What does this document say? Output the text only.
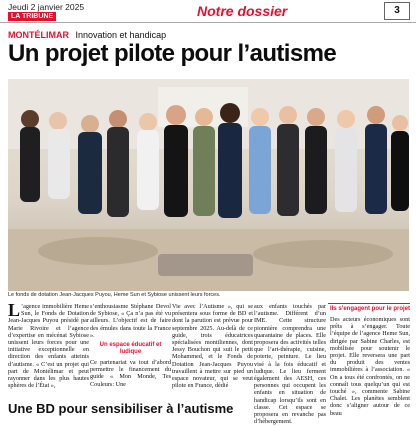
Jeudi 2 janvier 2025
LA TRIBUNE	Notre dossier	3
MONTÉLIMAR Innovation et handicap
Un projet pilote pour l’autisme
Le fonds de dotation Jean-Jacques Puyou, Heme Sun et Sybiose unissent leurs forces.
L ’agence immobilière Heme Sun, le Fonds de Dotation Jean-Jacques Puyou présidé par Marie Rivoire et l’agence d’expertise en mécénat Sybiose unissent leurs forces pour une initiative exceptionnelle en direction des enfants atteints d’autisme. « C’est un projet qui part de Montélimar et peut rayonner dans les plus hautes sphères de l’État »,

s’enthousiasme Stéphane Devol de Sybiose, « Ça n’a pas été vu ailleurs. L’objectif est de faire des émules dans toute la France ».

Un espace éducatif et ludique

Ce partenariat va tout d’abord permettre le financement du guide « Mon Monde, Tes Couleurs: Une

Vie avec l’Autisme », qui se présentera sous forme de BD et dont la parution est prévue pour septembre 2025. Au-delà de ce guide, trois éducatrices spécialisées montiliennes, dont Jessy Bouchon qui suit le petit Mohammed, et le Fonds de Dotation Jean-Jacques Puyou travaillent à mettre sur pied un espace novateur, qui se veut pilote en France, dédié

aux enfants touchés par l’autisme. Différent d’un IME. Cette structure pionnière comprendra une quarantaine de places. Elle proposera des activités telles que l’art-thérapie, cuisine, poterie, peinture. Le lieu visé à la fois éducatif et ludique. Le lieu ferment également des AESH, ces personnes qui occupent les enfants en situation de handicap lorsqu’ils sont en classe. Cet espace se proposera en revanche pas d’hébergement.

Ils s’engagent pour le projet

Des acteurs économiques sont prêts à s’engager. Toute l’équipe de l’agence Heme Sun, dirigée par Sabine Charles, est mobilisée pour soutenir le projet. Elle reversera une part du produit des ventes immobilières à l’association. « On a tous été confrontés, on ne connaît tous quelqu’un qui est touché », commente Sabine Chalet. Les planètes semblent donc s’aligner autour de ce beau

Une BD pour sensibiliser à l’autisme
